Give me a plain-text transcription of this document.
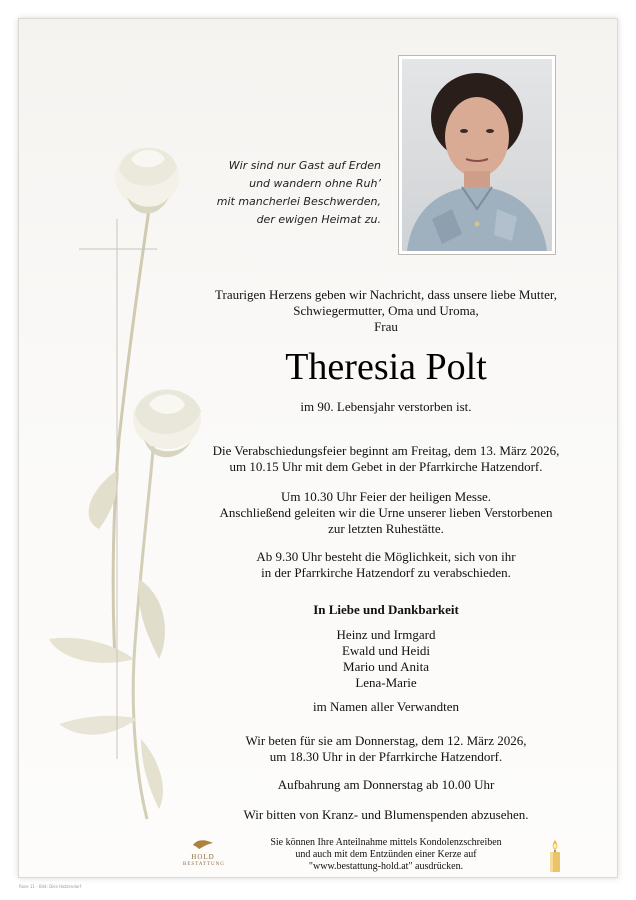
Wir sind nur Gast auf Erden
und wandern ohne Ruh’
mit mancherlei Beschwerden,
der ewigen Heimat zu.
Traurigen Herzens geben wir Nachricht, dass unsere liebe Mutter,
Schwiegermutter, Oma und Uroma,
Frau
Theresia Polt
im 90. Lebensjahr verstorben ist.
Die Verabschiedungsfeier beginnt am Freitag, dem 13. März 2026,
um 10.15 Uhr mit dem Gebet in der Pfarrkirche Hatzendorf.
Um 10.30 Uhr Feier der heiligen Messe.
Anschließend geleiten wir die Urne unserer lieben Verstorbenen
zur letzten Ruhestätte.
Ab 9.30 Uhr besteht die Möglichkeit, sich von ihr
in der Pfarrkirche Hatzendorf zu verabschieden.
In Liebe und Dankbarkeit
Heinz und Irmgard
Ewald und Heidi
Mario und Anita
Lena-Marie
im Namen aller Verwandten
Wir beten für sie am Donnerstag, dem 12. März 2026,
um 18.30 Uhr in der Pfarrkirche Hatzendorf.
Aufbahrung am Donnerstag ab 10.00 Uhr
Wir bitten von Kranz- und Blumenspenden abzusehen.
Sie können Ihre Anteilnahme mittels Kondolenzschreiben
und auch mit dem Entzünden einer Kerze auf
"www.bestattung-hold.at" ausdrücken.
HOLD
BESTATTUNG
Rose 11 - Bild: Dies Hatzendorf
